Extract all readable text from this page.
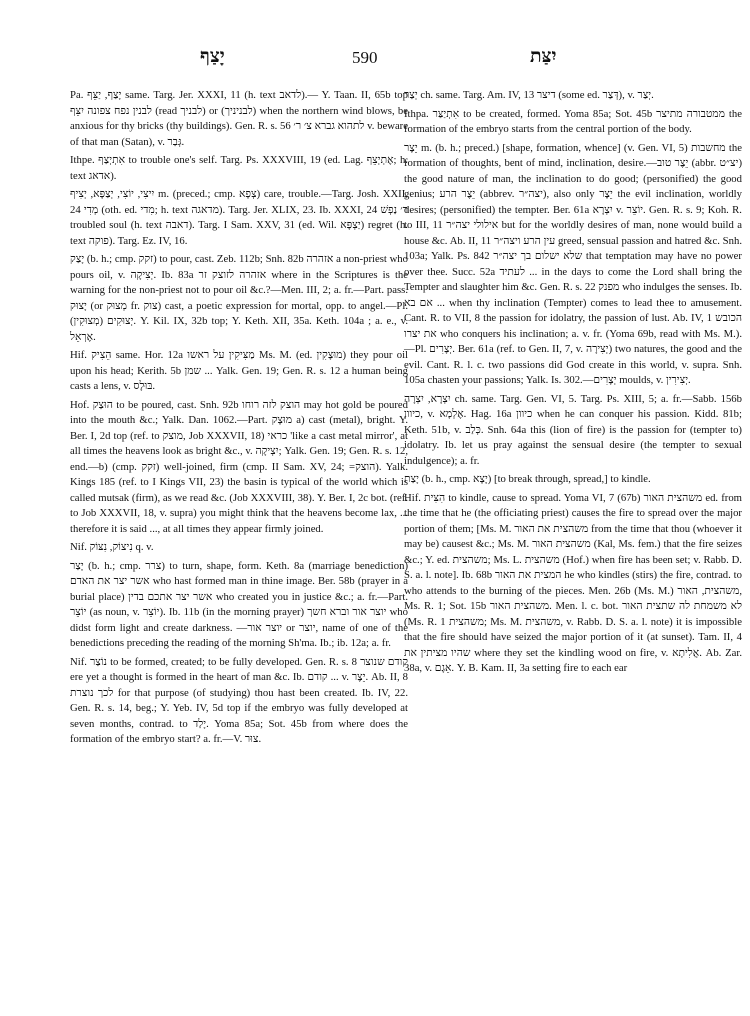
יָצַף	590	יִצַּת

Pa. יָצַף, יַצֵּף same. Targ. Jer. XXXI, 11 (h. text לדאב).— Y. Taan. II, 65b top לבנין נפח צפונה יִצֵּף (read לבניך) or (לבניניך) when the northern wind blows, be anxious for thy bricks (thy buildings). Gen. R. s. 56 לתהוא גברא צ׳ ר׳ v. beware of that man (Satan), v. גְּבַר.

Ithpe. אִתְיְצַף to trouble one's self. Targ. Ps. XXXVIII, 19 (ed. Lag. אֶתְיְצֵף; h. text אדאג).

יִיצִי, יוֹצִי, יְצַפָּא, יְצִיף m. (preced.; cmp. צְפָא) care, trouble.—Targ. Josh. XXII, 24 מְדִי (oth. ed. מִדי; h. text מדאגה). Targ. Jer. XLIX, 23. Ib. XXXI, 24 ר׳ נַפְשׁ troubled soul (h. text דאבה). Targ. I Sam. XXV, 31 (ed. Wil. יַצְפָּא) regret (h. text פוקה). Targ. Ez. IV, 16.

יָצַק (b. h.; cmp. זקק) to pour, cast. Zeb. 112b; Snh. 82b אזהרה a non-priest who pours oil, v. יְצִיקָה. Ib. 83a אזהרה לזוצק זר where in the Scriptures is the warning for the non-priest not to pour oil &c.?—Men. III, 2; a. fr.—Part. pass. יָצוּק (or מְצוּק fr. צוק) cast, a poetic expression for mortal, opp. to angel.—Pl. יְצוּקִים (מְצוּקִין). Y. Kil. IX, 32b top; Y. Keth. XII, 35a. Keth. 104a ; a. e., v. אֶרְאֵל.

Hif. הֵצִיק same. Hor. 12a מַצִּיקִין על ראשו Ms. M. (ed. מוּצָקִין) they pour oil upon his head; Kerith. 5b שמן ... Yalk. Gen. 19; Gen. R. s. 12 a human being casts a lens, v. בּוּלָס.

Hof. הוּצַק to be poured, cast. Snh. 92b הוצק לזה רוחו may hot gold be poured into the mouth &c.; Yalk. Dan. 1062.—Part. מוּצָק a) cast (metal), bright. Y. Ber. I, 2d top (ref. to מוצק, Job XXXVII, 18) כראי 'like a cast metal mirror', at all times the heavens look as bright &c., v. יִצְיקָה; Yalk. Gen. 19; Gen. R. s. 12, end.—b) (cmp. זקק) well-joined, firm (cmp. II Sam. XV, 24; =הוצק). Yalk. Kings 185 (ref. to I Kings VII, 23) the basin is typical of the world which is called mutsak (firm), as we read &c. (Job XXXVIII, 38). Y. Ber. I, 2c bot. (ref. to Job XXXVII, 18, v. supra) you might think that the heavens become lax, ... therefore it is said ..., at all times they appear firmly joined.

Nif. נִיצוֹק, נִצּוֹק q. v.

יָצַר (b. h.; cmp. צרר) to turn, shape, form. Keth. 8a (marriage benediction) אשר יצר את האדם who hast formed man in thine image. Ber. 58b (prayer in a burial place) אשר יצר אתכם בדין who created you in justice &c.; a. fr.—Part. יוֹצֵר (as noun, v. יוֹצֵר). Ib. 11b (in the morning prayer) יוצר אור וברא חשך who didst form light and create darkness. —יוצר אור or יוצר, name of one of the benedictions preceding the reading of the morning Sh'ma. Ib.; ib. 12a; a. fr.

Nif. נוֹצַר to be formed, created; to be fully developed. Gen. R. s. 8 קודם שנוצר ere yet a thought is formed in the heart of man &c. Ib. קודם ... v. יֵצֶר. Ab. II, 8 לכך נוצרת for that purpose (of studying) thou hast been created. Ib. IV, 22. Gen. R. s. 14, beg.; Y. Yeb. IV, 5d top if the embryo was fully developed at seven months, contrad. to יָלַד. Yoma 85a; Sot. 45b from where does the formation of the embryo start? a. fr.—V. צוּר.

יְצַר ch. same. Targ. Am. IV, 13 דיצר (some ed. דְּצַר), v. יְצַר.

Ithpa. אִתְיַצַּר to be created, formed. Yoma 85a; Sot. 45b ממטבורה מתיצר the formation of the embryo starts from the central portion of the body.

יֵצֶר m. (b. h.; preced.) [shape, formation, whence] (v. Gen. VI, 5) מחשבות the formation of thoughts, bent of mind, inclination, desire.—יֵצֶר טוב (abbr. יצ״ט) the good nature of man, the inclination to do good; (personified) the good genius; יֵצֶר הרע (abbrev. יצה״ר), also only יֵצֶר the evil inclination, worldly desires; (personified) the tempter. Ber. 61a יִצְרָא v. יוֹצֵר. Gen. R. s. 9; Koh. R. to III, 11 אילולי יצה״ר but for the worldly desires of man, none would build a house &c. Ab. II, 11 עין הרע ויצה״ר greed, sensual passion and hatred &c. Snh. 103a; Yalk. Ps. 842 שלא ישלום בך יצה״ר that temptation may have no power over thee. Succ. 52a לעתיד ... in the days to come the Lord shall bring the Tempter and slaughter him &c. Gen. R. s. 22 מפנק who indulges the senses. Ib. אם בא ... when thy inclination (Tempter) comes to lead thee to amusement. Cant. R. to VII, 8 the passion for idolatry, the passion of lust. Ab. IV, 1 הכובש את יצרו who conquers his inclination; a. v. fr. (Yoma 69b, read with Ms. M.).—Pl. יְצָרִים. Ber. 61a (ref. to Gen. II, 7, v. יְצִירָה) two natures, the good and the evil. Cant. R. l. c. two passions did God create in this world, v. supra. Snh. 105a chasten your passions; Yalk. Is. 302.—יְצָרִים moulds, v. יְצִירִין.

יִצְרָא, יִצְרָה ch. same. Targ. Gen. VI, 5. Targ. Ps. XIII, 5; a. fr.—Sabb. 156b כיוון, v. אֶלְמָא. Hag. 16a כיוון when he can conquer his passion. Kidd. 81b; Keth. 51b, v. כְּלַב. Snh. 64a this (lion of fire) is the passion for (tempter to) idolatry. Ib. let us pray against the sensual desire (the tempter to sexual indulgence); a. fr.

יָצַת (b. h., cmp. יָצָא) [to break through, spread,] to kindle.

Hif. הִצִּית to kindle, cause to spread. Yoma VI, 7 (67b) משהצית האור ed. from the time that he (the officiating priest) causes the fire to spread over the major portion of them; [Ms. M. משהצית את האור from the time that thou (whoever it may be) causest &c.; Ms. M. משהצית האור (Kal, Ms. fem.) that the fire seizes &c.; Y. ed. משהצית; Ms. L. משהצית (Hof.) when fire has been set; v. Rabb. D. S. a. l. note]. Ib. 68b המצית את האור he who kindles (stirs) the fire, contrad. to who attends to the burning of the pieces. Men. 26b (Ms. M.) משהצית, האור, Ms. R. 1; Sot. 15b משהצית האור. Men. l. c. bot. לא משמחת לה שתצית האור (Ms. R. 1 משהצית; Ms. M. משהצית, v. Rabb. D. S. a. l. note) it is impossible that the fire should have seized the major portion of it (at sunset). Tam. II, 4 שהיו מציתין את where they set the kindling wood on fire, v. אֲלִיתָא. Ab. Zar. 38a, v. אֵגָם. Y. B. Kam. II, 3a setting fire to each ear
